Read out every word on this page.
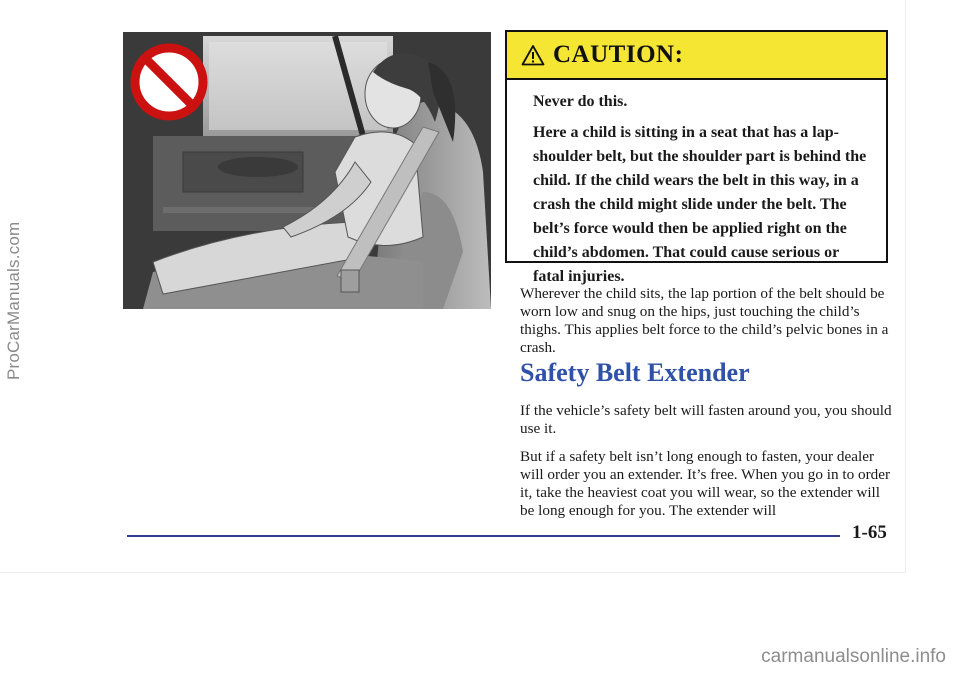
ProCarManuals.com
CAUTION:

Never do this.

Here a child is sitting in a seat that has a lap-shoulder belt, but the shoulder part is behind the child. If the child wears the belt in this way, in a crash the child might slide under the belt. The belt’s force would then be applied right on the child’s abdomen. That could cause serious or fatal injuries.

Wherever the child sits, the lap portion of the belt should be worn low and snug on the hips, just touching the child’s thighs. This applies belt force to the child’s pelvic bones in a crash.

Safety Belt Extender

If the vehicle’s safety belt will fasten around you, you should use it.

But if a safety belt isn’t long enough to fasten, your dealer will order you an extender. It’s free. When you go in to order it, take the heaviest coat you will wear, so the extender will be long enough for you. The extender will

1-65
carmanualsonline.info
